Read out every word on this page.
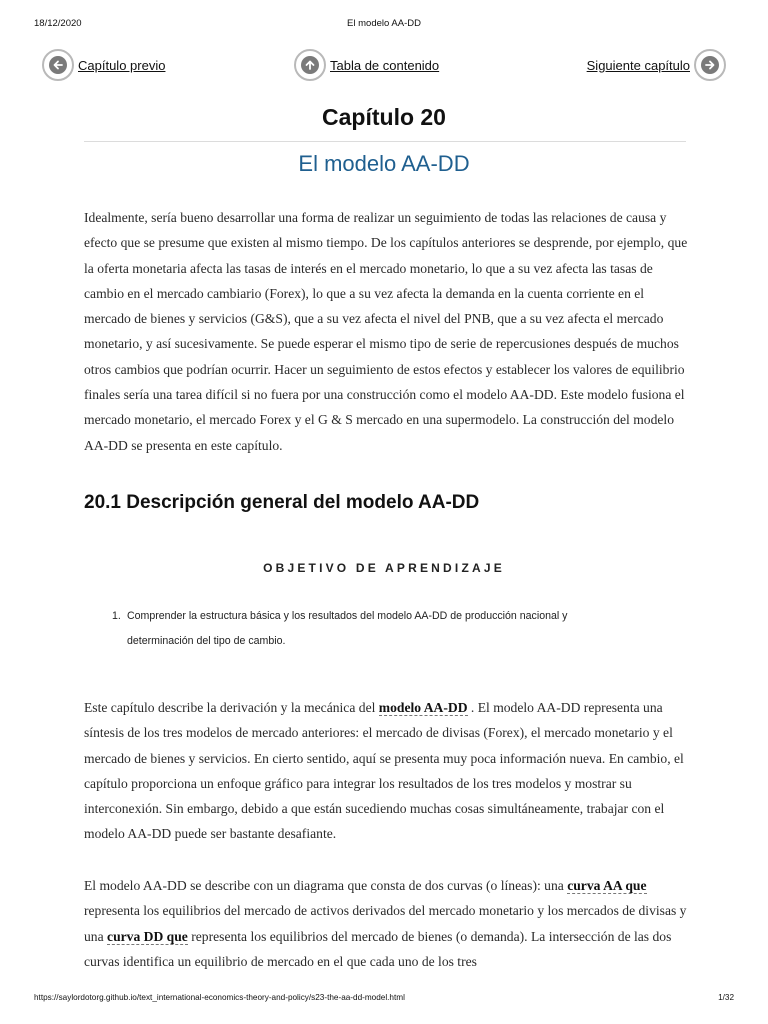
18/12/2020	El modelo AA-DD
Capítulo previo	Tabla de contenido	Siguiente capítulo
Capítulo 20
El modelo AA-DD

Idealmente, sería bueno desarrollar una forma de realizar un seguimiento de todas las relaciones de causa y efecto que se presume que existen al mismo tiempo. De los capítulos anteriores se desprende, por ejemplo, que la oferta monetaria afecta las tasas de interés en el mercado monetario, lo que a su vez afecta las tasas de cambio en el mercado cambiario (Forex), lo que a su vez afecta la demanda en la cuenta corriente en el mercado de bienes y servicios (G&S), que a su vez afecta el nivel del PNB, que a su vez afecta el mercado monetario, y así sucesivamente. Se puede esperar el mismo tipo de serie de repercusiones después de muchos otros cambios que podrían ocurrir. Hacer un seguimiento de estos efectos y establecer los valores de equilibrio finales sería una tarea difícil si no fuera por una construcción como el modelo AA-DD. Este modelo fusiona el mercado monetario, el mercado Forex y el G & S mercado en una supermodelo. La construcción del modelo AA-DD se presenta en este capítulo.

20.1 Descripción general del modelo AA-DD
OBJETIVO DE APRENDIZAJE
1. Comprender la estructura básica y los resultados del modelo AA-DD de producción nacional y determinación del tipo de cambio.

Este capítulo describe la derivación y la mecánica del modelo AA-DD . El modelo AA-DD representa una síntesis de los tres modelos de mercado anteriores: el mercado de divisas (Forex), el mercado monetario y el mercado de bienes y servicios. En cierto sentido, aquí se presenta muy poca información nueva. En cambio, el capítulo proporciona un enfoque gráfico para integrar los resultados de los tres modelos y mostrar su interconexión. Sin embargo, debido a que están sucediendo muchas cosas simultáneamente, trabajar con el modelo AA-DD puede ser bastante desafiante.

El modelo AA-DD se describe con un diagrama que consta de dos curvas (o líneas): una curva AA que representa los equilibrios del mercado de activos derivados del mercado monetario y los mercados de divisas y una curva DD que representa los equilibrios del mercado de bienes (o demanda). La intersección de las dos curvas identifica un equilibrio de mercado en el que cada uno de los tres

https://saylordotorg.github.io/text_international-economics-theory-and-policy/s23-the-aa-dd-model.html	1/32
